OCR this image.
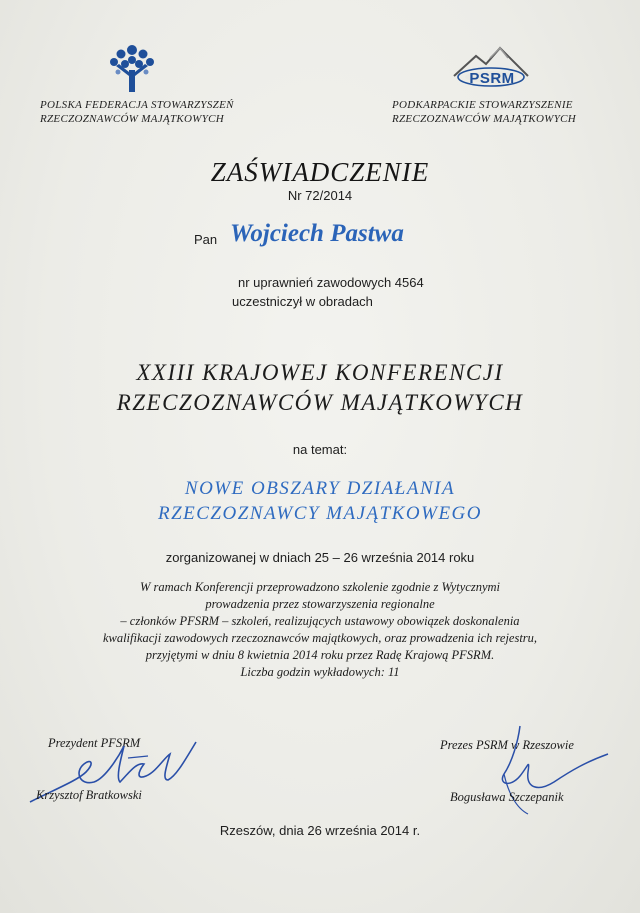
POLSKA FEDERACJA STOWARZYSZEŃ
RZECZOZNAWCÓW MAJĄTKOWYCH
PSRM
PODKARPACKIE STOWARZYSZENIE
RZECZOZNAWCÓW MAJĄTKOWYCH
ZAŚWIADCZENIE
Nr 72/2014
Pan Wojciech Pastwa
nr uprawnień zawodowych 4564
uczestniczył w obradach
XXIII KRAJOWEJ KONFERENCJI
RZECZOZNAWCÓW MAJĄTKOWYCH
na temat:
NOWE OBSZARY DZIAŁANIA
RZECZOZNAWCY MAJĄTKOWEGO
zorganizowanej w dniach 25 – 26 września 2014 roku
W ramach Konferencji przeprowadzono szkolenie zgodnie z Wytycznymi
prowadzenia przez stowarzyszenia regionalne
– członków PFSRM – szkoleń, realizujących ustawowy obowiązek doskonalenia
kwalifikacji zawodowych rzeczoznawców majątkowych, oraz prowadzenia ich rejestru,
przyjętymi w dniu 8 kwietnia 2014 roku przez Radę Krajową PFSRM.
Liczba godzin wykładowych: 11
Prezydent PFSRM
Krzysztof Bratkowski
Prezes PSRM w Rzeszowie
Bogusława Szczepanik
Rzeszów, dnia 26 września 2014 r.
